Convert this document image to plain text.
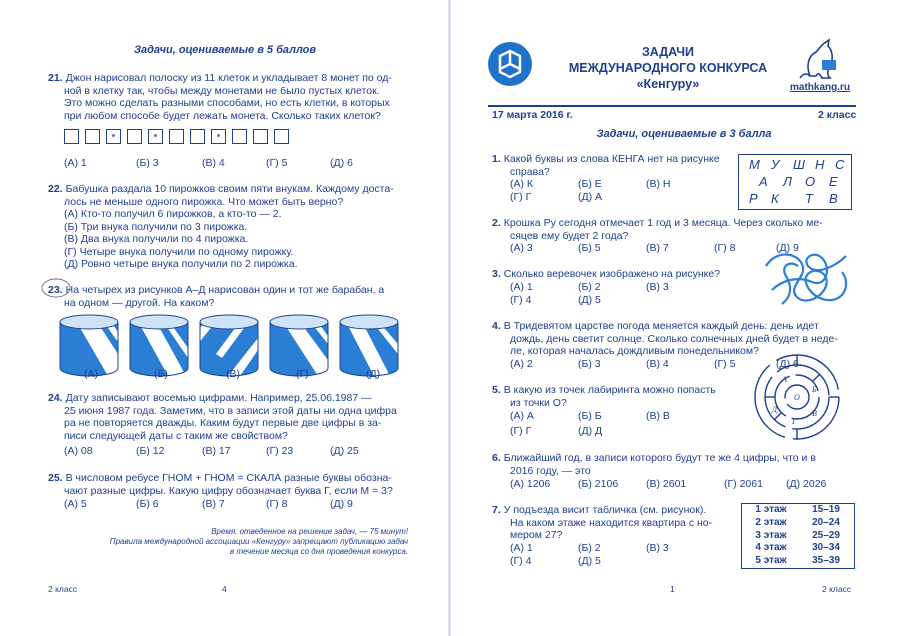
Задачи, оцениваемые в 5 баллов
21. Джон нарисовал полоску из 11 клеток и укладывает 8 монет по од-
ной в клетку так, чтобы между монетами не было пустых клеток.
Это можно сделать разными способами, но есть клетки, в которых
при любом способе будет лежать монета. Сколько таких клеток?
(А) 1	(Б) 3	(В) 4	(Г) 5	(Д) 6
22. Бабушка раздала 10 пирожков своим пяти внукам. Каждому доста-
лось не меньше одного пирожка. Что может быть верно?
(А) Кто-то получил 6 пирожков, а кто-то — 2.
(Б) Три внука получили по 3 пирожка.
(В) Два внука получили по 4 пирожка.
(Г) Четыре внука получили по одному пирожку.
(Д) Ровно четыре внука получили по 2 пирожка.
23. На четырех из рисунков А–Д нарисован один и тот же барабан, а
на одном — другой. На каком?
(А)	(Б)	(В)	(Г)	(Д)
24. Дату записывают восемью цифрами. Например, 25.06.1987 —
25 июня 1987 года. Заметим, что в записи этой даты ни одна цифра
ра не повторяется дважды. Каким будут первые две цифры в за-
писи следующей даты с таким же свойством?
(А) 08	(Б) 12	(В) 17	(Г) 23	(Д) 25
25. В числовом ребусе ГНОМ + ГНОМ = СКАЛА разные буквы обозна-
чают разные цифры. Какую цифру обозначает буква Г, если М = 3?
(А) 5	(Б) 6	(В) 7	(Г) 8	(Д) 9
Время, отведенное на решение задач, — 75 минут!
Правила международной ассоциации «Кенгуру» запрещают публикацию задач
в течение месяца со дня проведения конкурса.
2 класс	4
ЗАДАЧИ
МЕЖДУНАРОДНОГО КОНКУРСА
«Кенгуру»	mathkang.ru
17 марта 2016 г.	2 класс
Задачи, оцениваемые в 3 балла
1. Какой буквы из слова КЕНГА нет на рисунке
справа?
(А) К	(Б) Е	(В) Н
(Г) Г	(Д) А
М У Ш Н С
А Л О Е
Р К Т В
2. Крошка Ру сегодня отмечает 1 год и 3 месяца. Через сколько ме-
сяцев ему будет 2 года?
(А) 3	(Б) 5	(В) 7	(Г) 8	(Д) 9
3. Сколько веревочек изображено на рисунке?
(А) 1	(Б) 2	(В) 3
(Г) 4	(Д) 5
4. В Тридевятом царстве погода меняется каждый день: день идет
дождь, день светит солнце. Сколько солнечных дней будет в неде-
ле, которая началась дождливым понедельником?
(А) 2	(Б) 3	(В) 4	(Г) 5	(Д) 6
5. В какую из точек лабиринта можно попасть
из точки O?
(А) А	(Б) Б	(В) В
(Г) Г	(Д) Д
O
А
Б
В
Д
Г
6. Ближайший год, в записи которого будут те же 4 цифры, что и в
2016 году, — это
(А) 1206	(Б) 2106	(В) 2601	(Г) 2061	(Д) 2026
7. У подъезда висит табличка (см. рисунок).
На каком этаже находится квартира с но-
мером 27?
(А) 1	(Б) 2	(В) 3
(Г) 4	(Д) 5
1 этаж	15–19
2 этаж	20–24
3 этаж	25–29
4 этаж	30–34
5 этаж	35–39
1	2 класс
